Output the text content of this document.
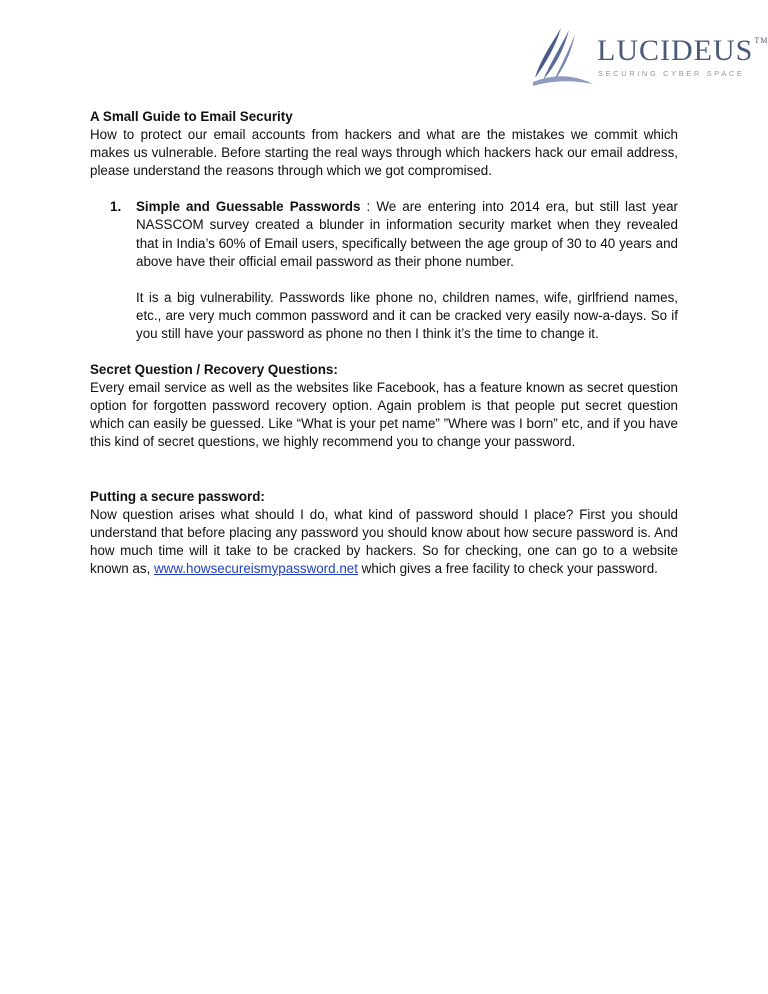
LUCIDEUS™
SECURING CYBER SPACE

A Small Guide to Email Security

How to protect our email accounts from hackers and what are the mistakes we commit which makes us vulnerable. Before starting the real ways through which hackers hack our email address, please understand the reasons through which we got compromised.

1. Simple and Guessable Passwords : We are entering into 2014 era, but still last year NASSCOM survey created a blunder in information security market when they revealed that in India’s 60% of Email users, specifically between the age group of 30 to 40 years and above have their official email password as their phone number.

It is a big vulnerability. Passwords like phone no, children names, wife, girlfriend names, etc., are very much common password and it can be cracked very easily now-a-days. So if you still have your password as phone no then I think it’s the time to change it.

Secret Question / Recovery Questions:

Every email service as well as the websites like Facebook, has a feature known as secret question option for forgotten password recovery option. Again problem is that people put secret question which can easily be guessed. Like “What is your pet name” ”Where was I born” etc, and if you have this kind of secret questions, we highly recommend you to change your password.

Putting a secure password:

Now question arises what should I do, what kind of password should I place? First you should understand that before placing any password you should know about how secure password is. And how much time will it take to be cracked by hackers. So for checking, one can go to a website known as, www.howsecureismypassword.net which gives a free facility to check your password.
